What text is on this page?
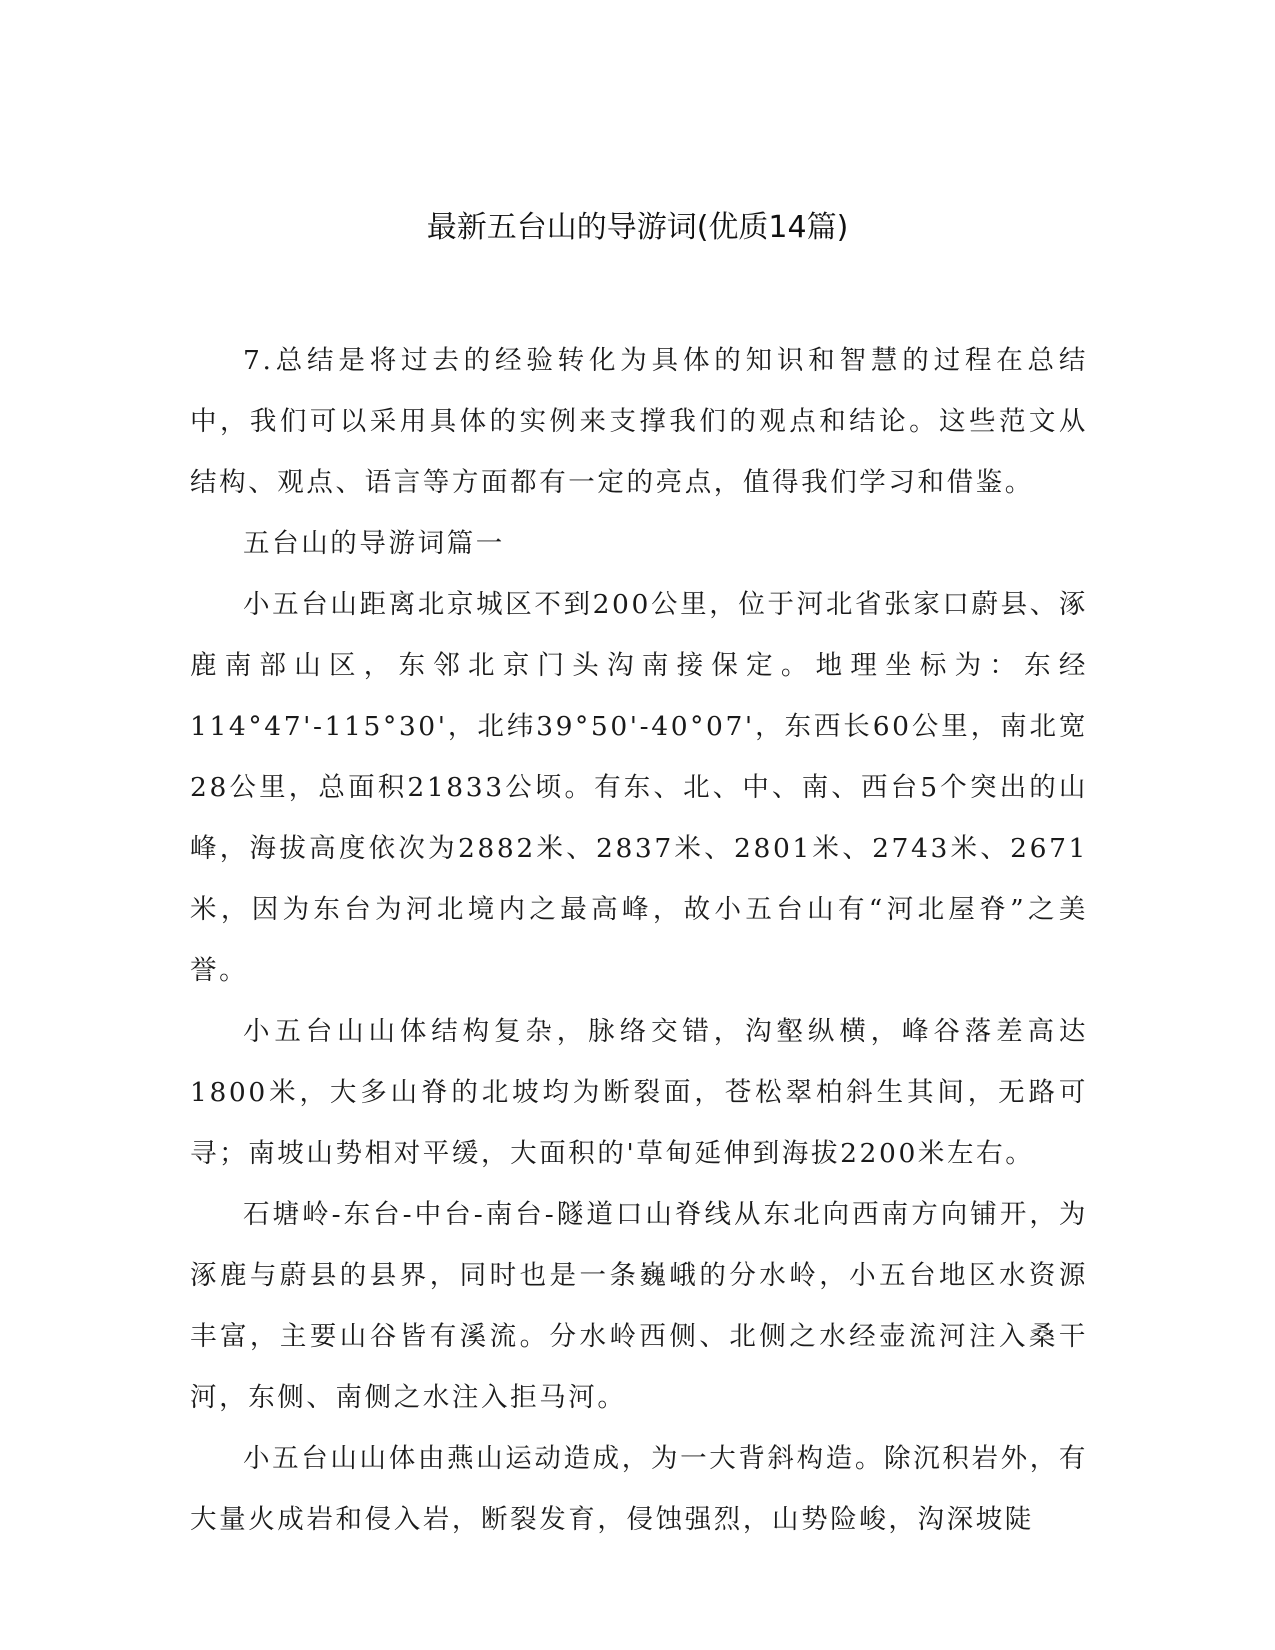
最新五台山的导游词(优质14篇)

7.总结是将过去的经验转化为具体的知识和智慧的过程在总结中，我们可以采用具体的实例来支撑我们的观点和结论。这些范文从结构、观点、语言等方面都有一定的亮点，值得我们学习和借鉴。

五台山的导游词篇一

小五台山距离北京城区不到200公里，位于河北省张家口蔚县、涿鹿南部山区，东邻北京门头沟南接保定。地理坐标为：东经114°47'-115°30'，北纬39°50'-40°07'，东西长60公里，南北宽28公里，总面积21833公顷。有东、北、中、南、西台5个突出的山峰，海拔高度依次为2882米、2837米、2801米、2743米、2671米，因为东台为河北境内之最高峰，故小五台山有“河北屋脊”之美誉。

小五台山山体结构复杂，脉络交错，沟壑纵横，峰谷落差高达1800米，大多山脊的北坡均为断裂面，苍松翠柏斜生其间，无路可寻；南坡山势相对平缓，大面积的'草甸延伸到海拔2200米左右。

石塘岭-东台-中台-南台-隧道口山脊线从东北向西南方向铺开，为涿鹿与蔚县的县界，同时也是一条巍峨的分水岭，小五台地区水资源丰富，主要山谷皆有溪流。分水岭西侧、北侧之水经壶流河注入桑干河，东侧、南侧之水注入拒马河。

小五台山山体由燕山运动造成，为一大背斜构造。除沉积岩外，有大量火成岩和侵入岩，断裂发育，侵蚀强烈，山势险峻，沟深坡陡
